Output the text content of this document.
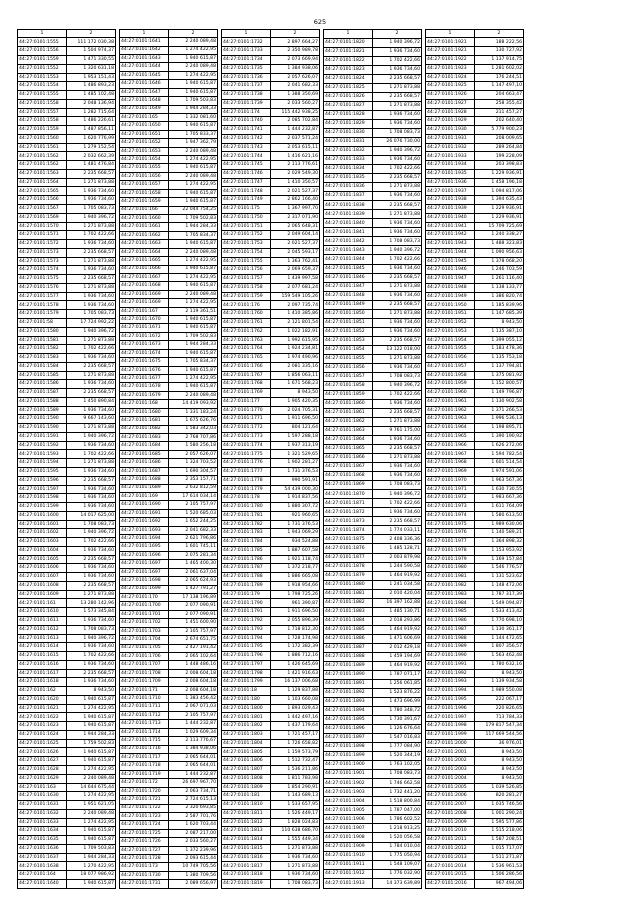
625
1	2
44:27:0101:1555	111 172 030,38
44:27:0101:1556	1 504 974,37
44:27:0101:1559	1 471 330,55
44:27:0101:1552	1 320 631,18
44:27:0101:1553	1 953 151,43
44:27:0101:1554	1 486 893,23
44:27:0101:1555	1 485 102,48
44:27:0101:1558	2 048 136,94
44:27:0101:1557	1 282 715,64
44:27:0101:1558	1 486 226,61
44:27:0101:1559	1 487 856,11
44:27:0101:1560	1 620 776,99
44:27:0101:1561	1 279 152,54
44:27:0101:1562	2 032 662,39
44:27:0101:1562	1 481 476,84
44:27:0101:1563	2 235 668,57
44:27:0101:1564	1 271 873,88
44:27:0101:1565	1 936 734,60
44:27:0101:1566	1 936 734,60
44:27:0101:1567	1 705 083,73
44:27:0101:1569	1 940 396,72
44:27:0101:1570	1 271 873,88
44:27:0101:1571	1 702 422,66
44:27:0101:1572	1 936 734,60
44:27:0101:1573	2 235 668,57
44:27:0101:1573	1 271 873,88
44:27:0101:1574	1 936 734,60
44:27:0101:1575	2 235 668,57
44:27:0101:1576	1 271 873,88
44:27:0101:1577	1 936 734,60
44:27:0101:1578	1 936 734,60
44:27:0101:1579	1 705 083,73
44:27:0101:58	17 724 992,22
44:27:0101:1580	1 940 396,72
44:27:0101:1581	1 271 873,88
44:27:0101:1582	1 702 422,66
44:27:0101:1583	1 936 734,60
44:27:0101:1584	2 235 668,57
44:27:0101:1585	1 271 873,88
44:27:0101:1586	1 936 734,60
44:27:0101:1587	2 235 668,57
44:27:0101:1588	1 450 890,84
44:27:0101:1589	1 936 734,60
44:27:0101:1590	9 667 143,60
44:27:0101:1590	1 271 873,88
44:27:0101:1591	1 940 396,72
44:27:0101:1592	1 936 734,60
44:27:0101:1593	1 702 422,66
44:27:0101:1594	1 271 873,88
44:27:0101:1595	1 936 734,60
44:27:0101:1596	2 235 668,57
44:27:0101:1597	1 936 734,60
44:27:0101:1598	1 936 734,60
44:27:0101:1599	1 936 734,60
44:27:0101:1600	14 017 625,00
44:27:0101:1601	1 708 083,73
44:27:0101:1602	1 940 396,72
44:27:0101:1603	1 702 422,66
44:27:0101:1604	1 936 734,60
44:27:0101:1605	2 235 668,57
44:27:0101:1606	1 936 734,60
44:27:0101:1607	1 936 734,60
44:27:0101:1608	2 235 668,57
44:27:0101:1609	1 271 873,88
44:27:0101:161	13 280 142,96
44:27:0101:1610	1 573 345,84
44:27:0101:1611	1 936 734,60
44:27:0101:1612	1 708 083,73
44:27:0101:1613	1 940 396,72
44:27:0101:1614	1 936 734,60
44:27:0101:1615	1 702 422,66
44:27:0101:1616	1 936 734,60
44:27:0101:1617	2 235 668,57
44:27:0101:1618	1 936 734,60
44:27:0101:162	8 943,50
44:27:0101:1620	1 940 615,87
44:27:0101:1621	1 274 422,95
44:27:0101:1622	1 940 615,87
44:27:0101:1623	1 940 615,87
44:27:0101:1624	1 944 284,33
44:27:0101:1625	1 759 502,83
44:27:0101:1626	1 940 615,87
44:27:0101:1627	1 940 615,87
44:27:0101:1628	1 274 422,95
44:27:0101:1629	2 240 089,48
44:27:0101:163	14 644 675,44
44:27:0101:1630	1 274 422,95
44:27:0101:1631	1 951 621,05
44:27:0101:1632	2 240 089,48
44:27:0101:1633	1 274 422,95
44:27:0101:1634	1 940 615,87
44:27:0101:1635	1 940 615,87
44:27:0101:1636	1 709 503,83
44:27:0101:1637	1 944 284,33
44:27:0101:1638	1 270 422,95
44:27:0101:164	18 077 986,92
44:27:0101:1640	1 940 615,87
1	2
44:27:0101:1641	2 240 089,48
44:27:0101:1642	1 274 422,95
44:27:0101:1643	1 940 615,87
44:27:0101:1644	2 240 089,48
44:27:0101:1645	1 274 422,95
44:27:0101:1646	1 940 615,87
44:27:0101:1647	1 940 615,87
44:27:0101:1648	1 709 503,83
44:27:0101:1649	1 944 284,33
44:27:0101:165	1 332 081,60
44:27:0101:1650	1 940 615,87
44:27:0101:1651	1 705 833,37
44:27:0101:1652	1 947 362,79
44:27:0101:1653	2 240 089,48
44:27:0101:1654	1 274 422,95
44:27:0101:1655	1 940 615,87
44:27:0101:1656	2 240 089,48
44:27:0101:1657	1 274 422,95
44:27:0101:1658	1 940 615,87
44:27:0101:1659	1 940 615,87
44:27:0101:166	22 044 754,25
44:27:0101:1660	1 709 502,83
44:27:0101:1661	1 944 284,33
44:27:0101:1662	1 705 834,37
44:27:0101:1663	1 940 615,87
44:27:0101:1664	2 240 089,48
44:27:0101:1665	1 274 422,95
44:27:0101:1666	1 940 615,87
44:27:0101:1667	1 274 422,95
44:27:0101:1668	1 940 615,87
44:27:0101:1669	2 240 089,48
44:27:0101:1669	1 274 422,95
44:27:0101:167	2 119 361,51
44:27:0101:1670	1 940 615,87
44:27:0101:1671	1 940 615,87
44:27:0101:1672	1 709 502,83
44:27:0101:1673	1 944 284,33
44:27:0101:1674	1 940 615,87
44:27:0101:1675	1 705 834,37
44:27:0101:1676	1 940 615,87
44:27:0101:1677	1 274 422,95
44:27:0101:1678	1 940 615,87
44:27:0101:1679	2 240 089,48
44:27:0101:168	14 419 093,92
44:27:0101:1680	1 331 183,24
44:27:0101:1681	1 675 626,76
44:27:0101:1682	1 583 342,03
44:27:0101:1683	2 768 707,86
44:27:0101:1684	1 580 256,18
44:27:0101:1685	2 057 626,07
44:27:0101:1686	1 324 703,52
44:27:0101:1687	1 690 304,57
44:27:0101:1688	2 353 157,71
44:27:0101:1689	2 632 812,59
44:27:0101:169	17 614 034,14
44:27:0101:1690	2 105 757,97
44:27:0101:1691	1 520 685,03
44:27:0101:1692	1 652 244,25
44:27:0101:1693	2 041 682,33
44:27:0101:1694	2 621 796,86
44:27:0101:1695	1 601 745,11
44:27:0101:1696	2 075 281,34
44:27:0101:1697	1 465 400,30
44:27:0101:1697	2 061 637,04
44:27:0101:1698	2 065 624,93
44:27:0101:1699	1 427 791,27
44:27:0101:170	17 138 196,89
44:27:0101:1700	2 077 090,91
44:27:0101:1701	2 077 090,91
44:27:0101:1702	1 451 600,90
44:27:0101:1703	2 105 757,97
44:27:0101:1704	2 674 651,75
44:27:0101:1705	2 427 191,42
44:27:0101:1706	2 065 102,64
44:27:0101:1707	1 448 486,16
44:27:0101:1708	2 008 604,18
44:27:0101:1709	2 008 604,18
44:27:0101:171	2 008 604,18
44:27:0101:1710	1 383 456,42
44:27:0101:1711	2 067 071,03
44:27:0101:1712	2 105 757,97
44:27:0101:1713	1 444 232,87
44:27:0101:1714	1 029 609,34
44:27:0101:1715	2 113 776,67
44:27:0101:1716	1 384 938,06
44:27:0101:1717	2 065 644,01
44:27:0101:1718	2 065 644,01
44:27:0101:1719	1 444 232,87
44:27:0101:172	26 697 967,70
44:27:0101:1720	2 063 734,71
44:27:0101:1721	2 724 615,13
44:27:0101:1722	2 320 693,85
44:27:0101:1723	2 587 701,76
44:27:0101:1724	1 620 703,44
44:27:0101:1725	2 087 217,00
44:27:0101:1726	2 033 560,27
44:27:0101:1727	1 372 239,96
44:27:0101:1728	2 093 615,44
44:27:0101:173	10 749 705,56
44:27:0101:1730	1 380 709,56
44:27:0101:1731	2 089 656,97
1	2
44:27:0101:1732	2 897 664,27
44:27:0101:1733	2 350 989,78
44:27:0101:1734	2 073 669,94
44:27:0101:1735	1 384 938,06
44:27:0101:1736	2 057 626,07
44:27:0101:1737	2 041 682,33
44:27:0101:1738	1 388 350,69
44:27:0101:1739	2 033 560,27
44:27:0101:174	115 442 938,25
44:27:0101:1740	2 085 702,84
44:27:0101:1741	1 444 232,87
44:27:0101:1742	2 037 571,24
44:27:0101:1743	2 053 615,11
44:27:0101:1744	1 416 621,16
44:27:0101:1745	2 113 776,61
44:27:0101:1746	2 029 549,30
44:27:0101:1747	1 410 350,57
44:27:0101:1748	2 021 527,37
44:27:0101:1749	2 862 166,40
44:27:0101:175	1 367 997,70
44:27:0101:1750	2 317 071,90
44:27:0101:1751	2 065 648,31
44:27:0101:1752	2 049 604,14
44:27:0101:1753	2 021 527,37
44:27:0101:1754	2 045 593,17
44:27:0101:1755	1 363 762,41
44:27:0101:1756	2 069 659,37
44:27:0101:1757	1 439 997,58
44:27:0101:1758	2 077 681,24
44:27:0101:1759	159 549 105,26
44:27:0101:176	2 097 735,74
44:27:0101:1760	1 410 385,86
44:27:0101:1761	2 121 801,54
44:27:0101:1762	1 022 182,91
44:27:0101:1763	1 992 615,95
44:27:0101:1764	1 924 234,81
44:27:0101:1765	1 974 490,96
44:27:0101:1766	2 081 335,16
44:27:0101:1767	1 856 063,11
44:27:0101:1768	1 671 568,23
44:27:0101:1769	8 943,50
44:27:0101:177	1 905 420,35
44:27:0101:1770	2 024 705,31
44:27:0101:1771	1 911 696,50
44:27:0101:1772	804 121,64
44:27:0101:1773	1 597 288,18
44:27:0101:1774	1 937 313,19
44:27:0101:1775	1 321 529,65
44:27:0101:1776	1 902 281,27
44:27:0101:1777	1 731 376,53
44:27:0101:1778	990 591,91
44:27:0101:1779	54 439 000,30
44:27:0101:178	1 914 837,56
44:27:0101:1780	1 880 307,72
44:27:0101:1781	921 960,65
44:27:0101:1782	1 731 376,53
44:27:0101:1783	1 943 069,29
44:27:0101:1784	934 524,88
44:27:0101:1785	1 887 607,58
44:27:0101:1786	1 921 118,74
44:27:0101:1787	1 372 218,77
44:27:0101:1788	1 886 665,08
44:27:0101:1789	1 918 954,66
44:27:0101:179	1 798 725,26
44:27:0101:1790	961 390,87
44:27:0101:1791	1 911 696,50
44:27:0101:1792	2 055 896,39
44:27:0101:1793	1 718 812,30
44:27:0101:1794	1 728 174,98
44:27:0101:1795	1 172 382,39
44:27:0101:1796	1 886 712,16
44:27:0101:1797	1 426 645,69
44:27:0101:1798	1 421 916,63
44:27:0101:1799	16 137 006,68
44:27:0101:18	1 129 837,88
44:27:0101:180	1 103 660,08
44:27:0101:1800	1 893 029,43
44:27:0101:1801	1 442 497,16
44:27:0101:1802	1 437 179,64
44:27:0101:1803	1 721 457,17
44:27:0101:1804	1 726 658,82
44:27:0101:1805	1 159 573,79
44:27:0101:1806	1 512 732,47
44:27:0101:1807	1 536 211,86
44:27:0101:1808	1 811 783,98
44:27:0101:1809	1 854 290,91
44:27:0101:181	1 143 689,13
44:27:0101:1810	1 533 657,95
44:27:0101:1811	1 526 449,17
44:27:0101:1812	1 828 024,83
44:27:0101:1813	110 638 686,70
44:27:0101:1814	1 555 449,34
44:27:0101:1815	1 271 873,88
44:27:0101:1816	1 936 734,60
44:27:0101:1817	1 271 873,88
44:27:0101:1818	1 936 734,60
44:27:0101:1819	1 708 083,73
1	2
44:27:0101:1820	1 940 396,72
44:27:0101:1821	1 936 734,60
44:27:0101:1822	1 702 422,66
44:27:0101:1823	1 936 734,60
44:27:0101:1824	2 235 668,57
44:27:0101:1825	1 271 873,88
44:27:0101:1826	2 235 668,57
44:27:0101:1827	1 271 873,88
44:27:0101:1828	1 936 734,60
44:27:0101:1829	1 936 734,60
44:27:0101:1830	1 708 083,73
44:27:0101:1831	26 076 730,00
44:27:0101:1832	1 940 396,72
44:27:0101:1833	1 936 734,60
44:27:0101:1834	1 702 422,66
44:27:0101:1835	2 235 668,57
44:27:0101:1836	1 271 873,88
44:27:0101:1837	1 936 734,60
44:27:0101:1838	2 235 668,57
44:27:0101:1839	1 271 873,88
44:27:0101:1840	1 936 734,60
44:27:0101:1841	1 936 734,60
44:27:0101:1842	1 708 083,73
44:27:0101:1843	1 940 396,72
44:27:0101:1844	1 702 422,66
44:27:0101:1845	1 936 734,60
44:27:0101:1846	2 235 668,57
44:27:0101:1847	1 271 873,88
44:27:0101:1848	1 936 734,60
44:27:0101:1849	2 235 668,57
44:27:0101:1850	1 271 873,88
44:27:0101:1851	1 936 734,60
44:27:0101:1852	1 936 734,60
44:27:0101:1853	2 235 668,57
44:27:0101:1854	13 122 018,00
44:27:0101:1855	1 271 873,88
44:27:0101:1856	1 936 734,60
44:27:0101:1857	1 708 083,73
44:27:0101:1858	1 940 396,72
44:27:0101:1859	1 702 422,66
44:27:0101:1860	1 936 734,60
44:27:0101:1861	2 235 668,57
44:27:0101:1862	1 271 873,88
44:27:0101:1863	9 761 175,00
44:27:0101:1864	1 936 734,60
44:27:0101:1865	2 235 668,57
44:27:0101:1866	1 271 873,88
44:27:0101:1867	1 936 734,60
44:27:0101:1868	1 936 734,60
44:27:0101:1869	1 708 083,73
44:27:0101:1870	1 940 396,72
44:27:0101:1871	1 702 422,66
44:27:0101:1872	1 936 734,60
44:27:0101:1873	2 235 668,57
44:27:0101:1874	1 774 033,11
44:27:0101:1875	2 408 336,36
44:27:0101:1876	1 485 128,71
44:27:0101:1877	2 003 879,98
44:27:0101:1878	1 244 590,58
44:27:0101:1879	1 464 919,92
44:27:0101:1880	1 241 034,58
44:27:0101:1881	2 010 420,04
44:27:0101:1882	16 397 162,88
44:27:0101:1883	1 485 130,71
44:27:0101:1884	2 018 293,86
44:27:0101:1885	1 464 919,92
44:27:0101:1886	1 471 606,69
44:27:0101:1887	2 012 429,18
44:27:0101:1888	1 459 194,69
44:27:0101:1889	1 464 919,92
44:27:0101:1890	1 787 071,17
44:27:0101:1891	1 256 061,85
44:27:0101:1892	1 523 876,22
44:27:0101:1893	1 473 696,99
44:27:0101:1894	1 780 348,72
44:27:0101:1895	1 730 391,67
44:27:0101:1896	1 126 676,64
44:27:0101:1897	1 547 016,83
44:27:0101:1898	1 777 084,90
44:27:0101:1899	1 520 344,19
44:27:0101:1900	1 763 102,05
44:27:0101:1901	1 708 083,73
44:27:0101:1902	1 746 662,58
44:27:0101:1903	1 732 441,20
44:27:0101:1904	1 518 800,84
44:27:0101:1905	1 787 047,00
44:27:0101:1906	1 786 602,52
44:27:0101:1907	1 218 913,25
44:27:0101:1908	1 520 056,58
44:27:0101:1909	1 784 010,04
44:27:0101:1910	1 775 050,94
44:27:0101:1911	1 548 109,07
44:27:0101:1912	1 776 032,90
44:27:0101:1913	14 373 639,89
1	2
44:27:0101:1921	188 222,56
44:27:0101:1921	130 727,92
44:27:0101:1922	1 137 914,75
44:27:0101:1923	1 281 602,02
44:27:0101:1924	176 244,51
44:27:0101:1925	1 147 497,10
44:27:0101:1926	204 663,47
44:27:0101:1927	258 355,42
44:27:0101:1928	211 457,27
44:27:0101:1929	202 640,40
44:27:0101:1930	5 779 900,23
44:27:0101:1931	208 009,65
44:27:0101:1932	289 264,84
44:27:0101:1933	199 228,09
44:27:0101:1934	203 398,83
44:27:0101:1935	1 229 936,91
44:27:0101:1936	1 458 196,18
44:27:0101:1937	1 094 817,06
44:27:0101:1938	1 394 635,43
44:27:0101:1939	1 229 936,91
44:27:0101:1940	1 229 936,91
44:27:0101:1941	15 709 725,69
44:27:0101:1942	1 240 338,27
44:27:0101:1943	1 488 323,83
44:27:0101:1944	1 090 956,63
44:27:0101:1945	1 378 068,20
44:27:0101:1946	1 246 703,59
44:27:0101:1947	1 261 116,40
44:27:0101:1948	1 138 133,77
44:27:0101:1949	1 386 820,74
44:27:0101:1950	1 185 839,96
44:27:0101:1951	1 147 685,39
44:27:0101:1952	8 943,50
44:27:0101:1953	1 135 387,10
44:27:0101:1954	1 399 055,12
44:27:0101:1955	1 183 478,36
44:27:0101:1956	1 135 753,18
44:27:0101:1957	1 137 794,81
44:27:0101:1958	1 375 081,92
44:27:0101:1959	1 152 800,57
44:27:0101:1960	1 149 796,87
44:27:0101:1961	1 130 902,58
44:27:0101:1962	1 371 266,53
44:27:0101:1963	1 996 536,13
44:27:0101:1964	1 198 895,71
44:27:0101:1965	1 390 190,92
44:27:0101:1966	1 626 272,06
44:27:0101:1967	1 594 782,54
44:27:0101:1968	1 601 514,54
44:27:0101:1969	1 974 591,06
44:27:0101:1970	1 963 567,36
44:27:0101:1971	1 630 730,55
44:27:0101:1972	1 983 667,36
44:27:0101:1973	1 611 764,09
44:27:0101:1974	1 580 613,50
44:27:0101:1975	1 989 630,06
44:27:0101:1976	1 140 589,21
44:27:0101:1977	1 364 898,32
44:27:0101:1978	1 153 953,92
44:27:0101:1979	1 169 157,84
44:27:0101:1980	1 546 776,57
44:27:0101:1981	1 131 523,62
44:27:0101:1982	1 148 472,06
44:27:0101:1983	1 787 317,39
44:27:0101:1984	1 549 094,87
44:27:0101:1985	1 533 413,42
44:27:0101:1986	1 770 698,10
44:27:0101:1987	1 130 361,17
44:27:0101:1988	1 144 472,65
44:27:0101:1989	1 807 356,57
44:27:0101:1990	1 563 462,48
44:27:0101:1991	1 780 632,16
44:27:0101:1992	8 943,50
44:27:0101:1993	1 139 934,58
44:27:0101:1994	1 989 550,08
44:27:0101:1995	222 067,17
44:27:0101:1996	220 826,65
44:27:0101:1997	713 784,33
44:27:0101:1998	179 817 547,34
44:27:0101:1999	117 669 544,56
44:27:0101:2000	36 976,01
44:27:0101:2001	8 943,50
44:27:0101:2002	8 943,50
44:27:0101:2003	8 943,50
44:27:0101:2004	8 943,50
44:27:0101:2005	1 039 526,85
44:27:0101:2006	820 281,27
44:27:0101:2007	1 035 746,56
44:27:0101:2008	1 001 290,24
44:27:0101:2009	1 595 577,86
44:27:0101:2010	1 515 218,06
44:27:0101:2011	1 587 208,51
44:27:0101:2012	1 015 717,07
44:27:0101:2013	1 511 271,87
44:27:0101:2014	1 536 961,53
44:27:0101:2015	1 506 286,56
44:27:0101:2016	967 494,06
